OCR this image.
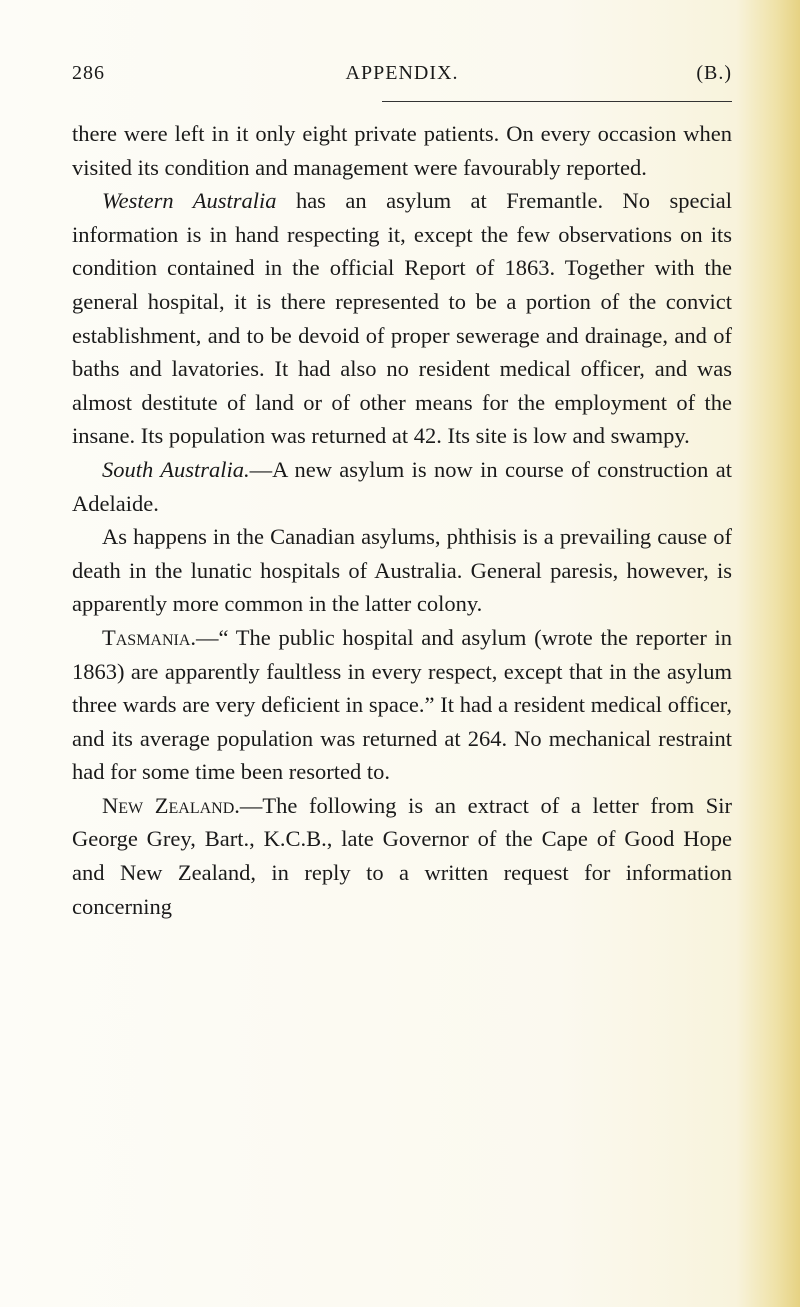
286	APPENDIX.	(B.)

there were left in it only eight private patients. On every occasion when visited its condition and management were favourably reported.

Western Australia has an asylum at Fremantle. No special information is in hand respecting it, except the few observations on its condition contained in the official Report of 1863. Together with the general hospital, it is there represented to be a portion of the convict establishment, and to be devoid of proper sewerage and drainage, and of baths and lavatories. It had also no resident medical officer, and was almost destitute of land or of other means for the employment of the insane. Its population was returned at 42. Its site is low and swampy.

South Australia.—A new asylum is now in course of construction at Adelaide.

As happens in the Canadian asylums, phthisis is a prevailing cause of death in the lunatic hospitals of Australia. General paresis, however, is apparently more common in the latter colony.

Tasmania.—“ The public hospital and asylum (wrote the reporter in 1863) are apparently faultless in every respect, except that in the asylum three wards are very deficient in space.” It had a resident medical officer, and its average population was returned at 264. No mechanical restraint had for some time been resorted to.

New Zealand.—The following is an extract of a letter from Sir George Grey, Bart., K.C.B., late Governor of the Cape of Good Hope and New Zealand, in reply to a written request for information concerning
